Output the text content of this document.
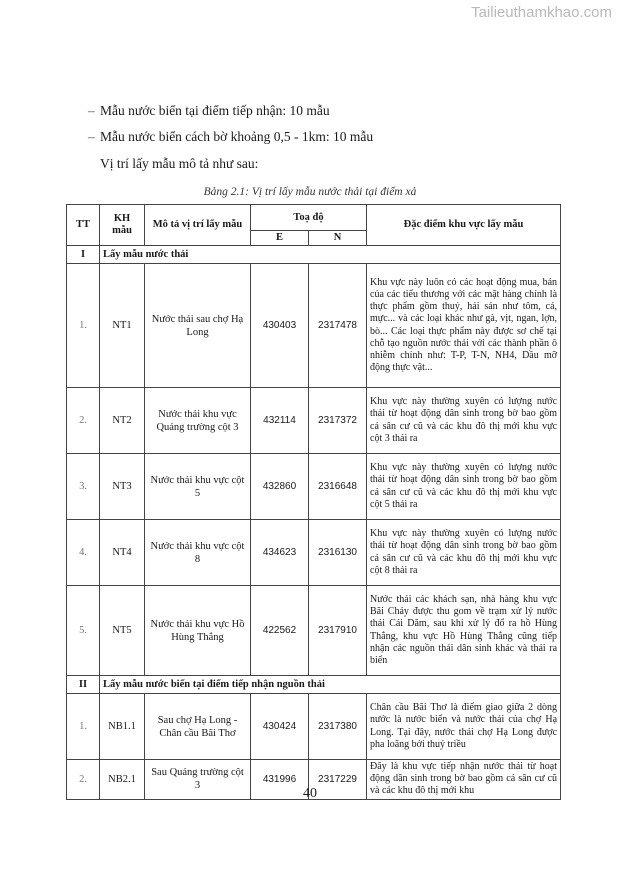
Tailieuthamkhao.com
– Mẫu nước biển tại điểm tiếp nhận: 10 mẫu
– Mẫu nước biển cách bờ khoảng 0,5 - 1km: 10 mẫu
Vị trí lấy mẫu mô tả như sau:
Bảng 2.1: Vị trí lấy mẫu nước thải tại điểm xả
TT	KH mẫu	Mô tả vị trí lấy mẫu	Toạ độ		Đặc điểm khu vực lấy mẫu
			E	N	
I	Lấy mẫu nước thải				
1.	NT1	Nước thải sau chợ Hạ Long	430403	2317478	Khu vực này luôn có các hoạt động mua, bán của các tiểu thương với các mặt hàng chính là thực phẩm gồm thuỷ, hải sản như tôm, cá, mực... và các loại khác như gà, vịt, ngan, lợn, bò... Các loại thực phẩm này được sơ chế tại chỗ tạo nguồn nước thải với các thành phần ô nhiễm chính như: T-P, T-N, NH4, Dầu mỡ động thực vật...
2.	NT2	Nước thải khu vực Quảng trường cột 3	432114	2317372	Khu vực này thường xuyên có lượng nước thải từ hoạt động dân sinh trong bờ bao gồm cả sân cư cũ và các khu đô thị mới khu vực cột 3 thải ra
3.	NT3	Nước thải khu vực cột 5	432860	2316648	Khu vực này thường xuyên có lượng nước thải từ hoạt động dân sinh trong bờ bao gồm cả sân cư cũ và các khu đô thị mới khu vực cột 5 thải ra
4.	NT4	Nước thải khu vực cột 8	434623	2316130	Khu vực này thường xuyên có lượng nước thải từ hoạt động dân sinh trong bờ bao gồm cả sân cư cũ và các khu đô thị mới khu vực cột 8 thải ra
5.	NT5	Nước thải khu vực Hồ Hùng Thắng	422562	2317910	Nước thải các khách sạn, nhà hàng khu vực Bãi Cháy được thu gom về trạm xử lý nước thải Cái Dăm, sau khi xử lý đổ ra hồ Hùng Thắng, khu vực Hồ Hùng Thắng cũng tiếp nhận các nguồn thải dân sinh khác và thải ra biển
II	Lấy mẫu nước biển tại điểm tiếp nhận nguồn thải				
1.	NB1.1	Sau chợ Hạ Long - Chân cầu Bãi Thơ	430424	2317380	Chân cầu Bãi Thơ là điểm giao giữa 2 dòng nước là nước biển và nước thải của chợ Hạ Long. Tại đây, nước thải chợ Hạ Long được pha loãng bởi thuỷ triều
2.	NB2.1	Sau Quảng trường cột 3	431996	2317229	Đây là khu vực tiếp nhận nước thải từ hoạt động dân sinh trong bờ bao gồm cả sân cư cũ và các khu đô thị mới khu
40
